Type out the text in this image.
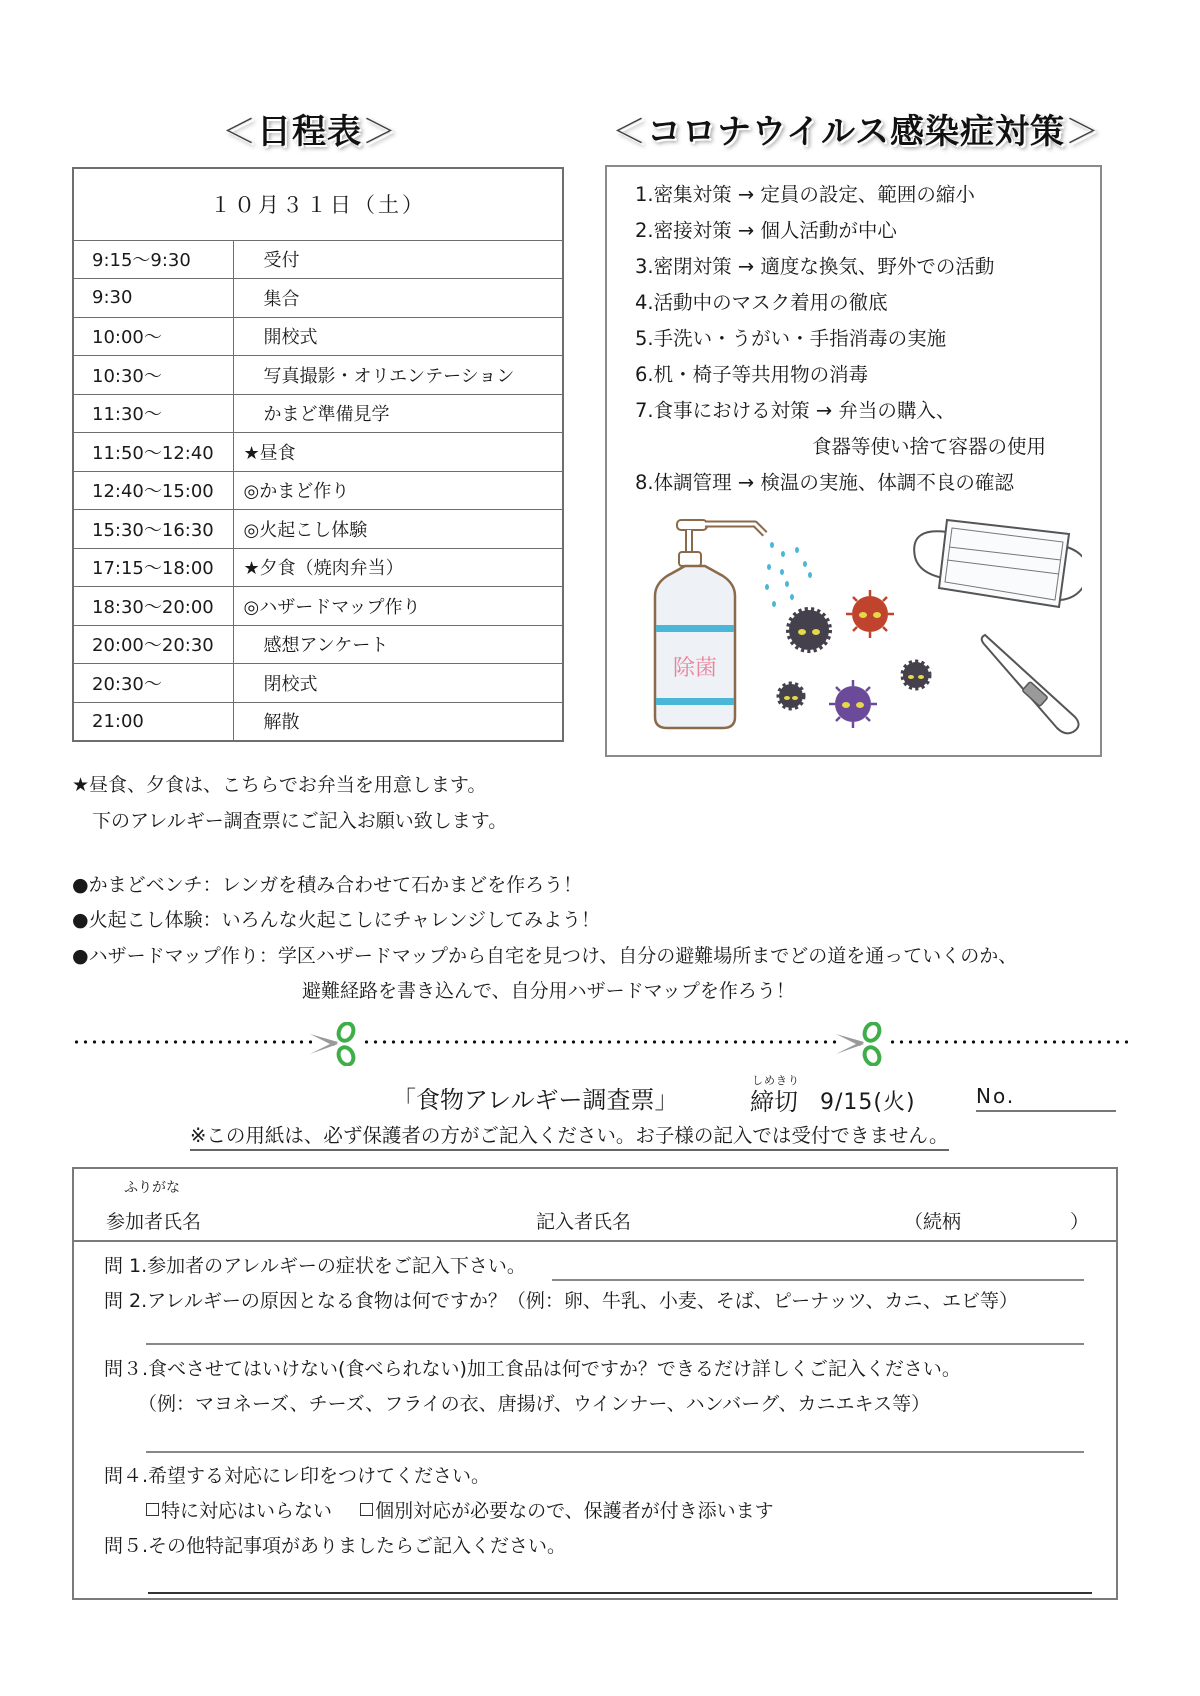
＜日程表＞
１０月３１日（土）	
9:15～9:30	受付
9:30	集合
10:00～	開校式
10:30～	写真撮影・オリエンテーション
11:30～	かまど準備見学
11:50～12:40	★昼食
12:40～15:00	◎かまど作り
15:30～16:30	◎火起こし体験
17:15～18:00	★夕食（焼肉弁当）
18:30～20:00	◎ハザードマップ作り
20:00～20:30	感想アンケート
20:30～	閉校式
21:00	解散
★昼食、夕食は、こちらでお弁当を用意します。
下のアレルギー調査票にご記入お願い致します。
＜コロナウイルス感染症対策＞
1.密集対策 → 定員の設定、範囲の縮小
2.密接対策 → 個人活動が中心
3.密閉対策 → 適度な換気、野外での活動
4.活動中のマスク着用の徹底
5.手洗い・うがい・手指消毒の実施
6.机・椅子等共用物の消毒
7.食事における対策 → 弁当の購入、
食器等使い捨て容器の使用
8.体調管理 → 検温の実施、体調不良の確認
除菌
●かまどベンチ：レンガを積み合わせて石かまどを作ろう！
●火起こし体験：いろんな火起こしにチャレンジしてみよう！
●ハザードマップ作り：学区ハザードマップから自宅を見つけ、自分の避難場所までどの道を通っていくのか、
避難経路を書き込んで、自分用ハザードマップを作ろう！
「食物アレルギー調査票」
しめきり
締切 9/15(火)	No.
※この用紙は、必ず保護者の方がご記入ください。お子様の記入では受付できません。
ふりがな
参加者氏名	記入者氏名	（続柄	）
問 1.参加者のアレルギーの症状をご記入下さい。
問 2.アレルギーの原因となる食物は何ですか？（例：卵、牛乳、小麦、そば、ピーナッツ、カニ、エビ等）
問３.食べさせてはいけない(食べられない)加工食品は何ですか？できるだけ詳しくご記入ください。
（例：マヨネーズ、チーズ、フライの衣、唐揚げ、ウインナー、ハンバーグ、カニエキス等）
問４.希望する対応にレ印をつけてください。
特に対応はいらない
個別対応が必要なので、保護者が付き添います
問５.その他特記事項がありましたらご記入ください。
